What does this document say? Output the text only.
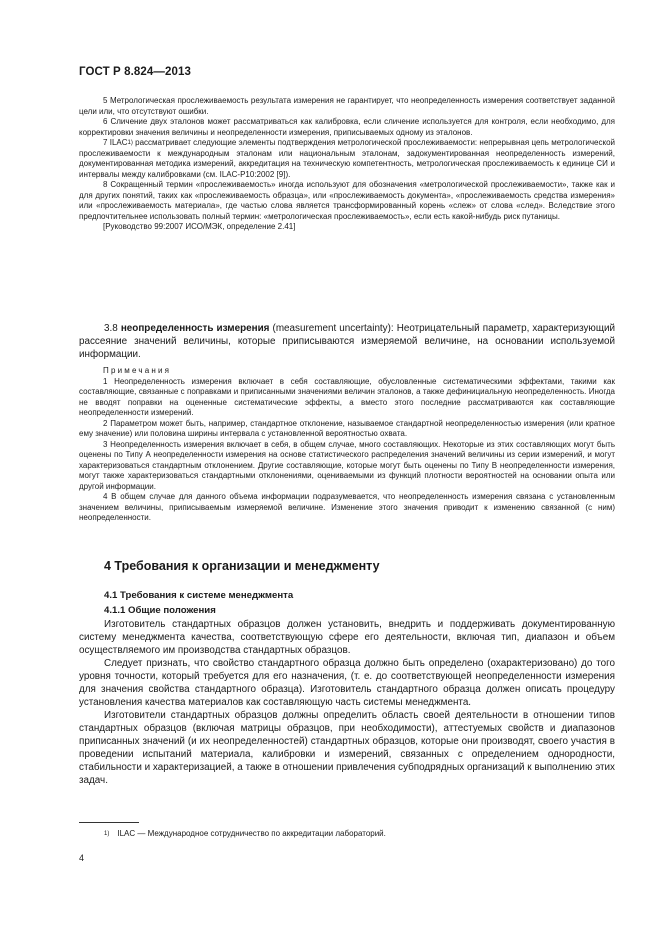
ГОСТ Р 8.824—2013

5 Метрологическая прослеживаемость результата измерения не гарантирует, что неопределенность измерения соответствует заданной цели или, что отсутствуют ошибки.

6 Сличение двух эталонов может рассматриваться как калибровка, если сличение используется для контроля, если необходимо, для корректировки значения величины и неопределенности измерения, приписываемых одному из эталонов.

7 ILAC$^{1)}$ рассматривает следующие элементы подтверждения метрологической прослеживаемости: непрерывная цепь метрологической прослеживаемости к международным эталонам или национальным эталонам, задокументированная неопределенность измерений, документированная методика измерений, аккредитация на техническую компетентность, метрологическая прослеживаемость к единице СИ и интервалы между калибровками (см. ILAC-P10:2002 [9]).

8 Сокращенный термин «прослеживаемость» иногда используют для обозначения «метрологической прослеживаемости», также как и для других понятий, таких как «прослеживаемость образца», или «прослеживаемость документа», «прослеживаемость средства измерения» или «прослеживаемость материала», где частью слова является трансформированный корень «слеж» от слова «след». Вследствие этого предпочтительнее использовать полный термин: «метрологическая прослеживаемость», если есть какой-нибудь риск путаницы.

[Руководство 99:2007 ИСО/МЭК, определение 2.41]

3.8 неопределенность измерения (measurement uncertainty): Неотрицательный параметр, характеризующий рассеяние значений величины, которые приписываются измеряемой величине, на основании используемой информации.

Примечания

1 Неопределенность измерения включает в себя составляющие, обусловленные систематическими эффектами, такими как составляющие, связанные с поправками и приписанными значениями величин эталонов, а также дефинициальную неопределенность. Иногда не вводят поправки на оцененные систематические эффекты, а вместо этого последние рассматриваются как составляющие неопределенности измерений.

2 Параметром может быть, например, стандартное отклонение, называемое стандартной неопределенностью измерения (или кратное ему значение) или половина ширины интервала с установленной вероятностью охвата.

3 Неопределенность измерения включает в себя, в общем случае, много составляющих. Некоторые из этих составляющих могут быть оценены по Типу А неопределенности измерения на основе статистического распределения значений величины из серии измерений, и могут характеризоваться стандартным отклонением. Другие составляющие, которые могут быть оценены по Типу В неопределенности измерения, могут также характеризоваться стандартными отклонениями, оцениваемыми из функций плотности вероятностей на основании опыта или другой информации.

4 В общем случае для данного объема информации подразумевается, что неопределенность измерения связана с установленным значением величины, приписываемым измеряемой величине. Изменение этого значения приводит к изменению связанной (с ним) неопределенности.

4 Требования к организации и менеджменту
4.1 Требования к системе менеджмента
4.1.1 Общие положения

Изготовитель стандартных образцов должен установить, внедрить и поддерживать документированную систему менеджмента качества, соответствующую сфере его деятельности, включая тип, диапазон и объем осуществляемого им производства стандартных образцов.

Следует признать, что свойство стандартного образца должно быть определено (охарактеризовано) до того уровня точности, который требуется для его назначения, (т. е. до соответствующей неопределенности измерения для значения свойства стандартного образца). Изготовитель стандартного образца должен описать процедуру установления качества материалов как составляющую часть системы менеджмента.

Изготовители стандартных образцов должны определить область своей деятельности в отношении типов стандартных образцов (включая матрицы образцов, при необходимости), аттестуемых свойств и диапазонов приписанных значений (и их неопределенностей) стандартных образцов, которые они производят, своего участия в проведении испытаний материала, калибровки и измерений, связанных с определением однородности, стабильности и характеризацией, а также в отношении привлечения субподрядных организаций к выполнению этих задач.

$^{1)}$ ILAC — Международное сотрудничество по аккредитации лабораторий.
4
